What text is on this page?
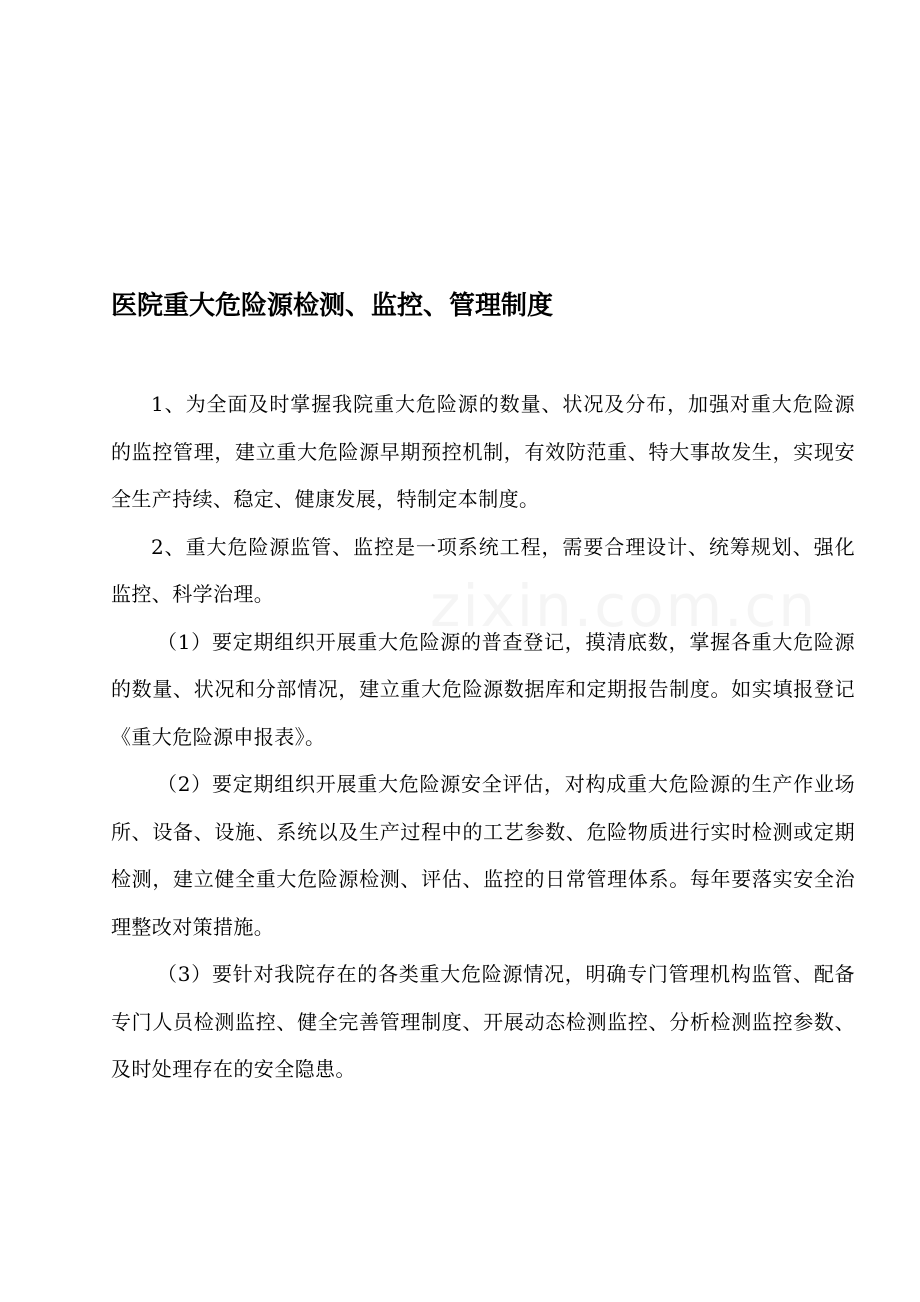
zixin.com.cn
医院重大危险源检测、监控、管理制度

1、为全面及时掌握我院重大危险源的数量、状况及分布，加强对重大危险源的监控管理，建立重大危险源早期预控机制，有效防范重、特大事故发生，实现安全生产持续、稳定、健康发展，特制定本制度。

2、重大危险源监管、监控是一项系统工程，需要合理设计、统筹规划、强化监控、科学治理。

（1）要定期组织开展重大危险源的普查登记，摸清底数，掌握各重大危险源的数量、状况和分部情况，建立重大危险源数据库和定期报告制度。如实填报登记《重大危险源申报表》。

（2）要定期组织开展重大危险源安全评估，对构成重大危险源的生产作业场所、设备、设施、系统以及生产过程中的工艺参数、危险物质进行实时检测或定期检测，建立健全重大危险源检测、评估、监控的日常管理体系。每年要落实安全治理整改对策措施。

（3）要针对我院存在的各类重大危险源情况，明确专门管理机构监管、配备专门人员检测监控、健全完善管理制度、开展动态检测监控、分析检测监控参数、及时处理存在的安全隐患。
